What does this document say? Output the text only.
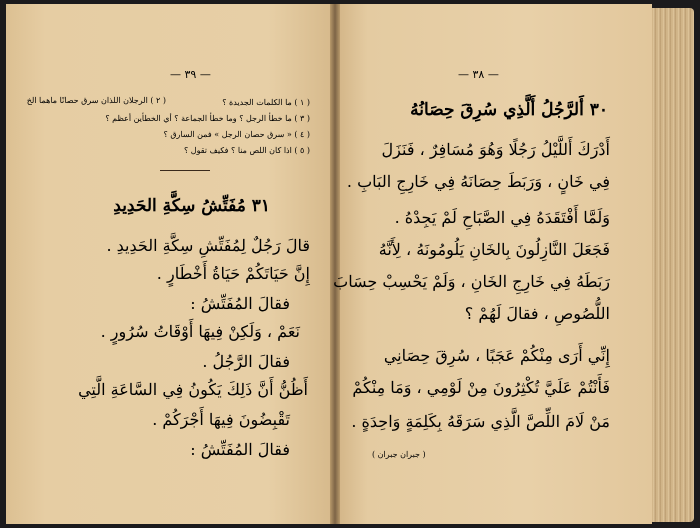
— ٣٩ —
( ١ ) ما الكلمات الجديدة ؟
( ٢ ) الرجلان اللذان سرق حصانًا ماهما الخ
( ٣ ) ما خطأ الرجل ؟ وما خطأ الجماعة ؟ أي الخطأين أعظم ؟
( ٤ ) « سرق حصان الرجل » فمن السارق ؟
( ٥ ) اذا كان اللص منا ؟ فكيف تقول ؟
٣١ مُفَتِّشُ سِكَّةِ الحَدِيدِ
قالَ رَجُلٌ لِمُفَتِّشِ سِكَّةِ الحَدِيدِ .
إِنَّ حَيَاتَكُمْ حَيَاةُ أَخْطَارٍ .
فقالَ المُفَتِّشُ :
نَعَمْ ، وَلَكِنْ فِيهَا أَوْقَاتُ سُرُورٍ .
فقالَ الرَّجُلُ .
أَظُنُّ أَنَّ ذَلِكَ يَكُونُ فِي السَّاعَةِ الَّتِي
تَقْبِضُونَ فِيهَا أَجْرَكُمْ .
فقالَ المُفَتِّشُ :
— ٣٨ —
٣٠ أَلرَّجُلُ أَلَّذِي سُرِقَ حِصَانُهُ
أَدْرَكَ أَللَّيْلُ رَجُلًا وَهُوَ مُسَافِرٌ ، فَنَزَلَ
فِي خَانٍ ، وَرَبَطَ حِصَانَهُ فِي خَارِجِ البَابِ .
وَلَمَّا أَفْتَقَدَهُ فِي الصَّبَاحِ لَمْ يَجِدْهُ .
فَجَعَلَ النَّازِلُونَ بِالخَانِ يَلُومُونَهُ ، لِأَنَّهُ
رَبَطَهُ فِي خَارِجِ الخَانِ ، وَلَمْ يَحْسِبْ حِسَابَ
اللُّصُوصِ ، فقالَ لَهُمْ ؟
إِنِّي أَرَى مِنْكُمْ عَجَبًا ، سُرِقَ حِصَانِي
فَأَنْتُمْ عَلَيَّ تُكْثِرُونَ مِنْ لَوْمِي ، وَمَا مِنْكُمْ
مَنْ لَامَ اللِّصَّ الَّذِي سَرَقَهُ بِكَلِمَةٍ وَاحِدَةٍ .
( جبران جبران )
